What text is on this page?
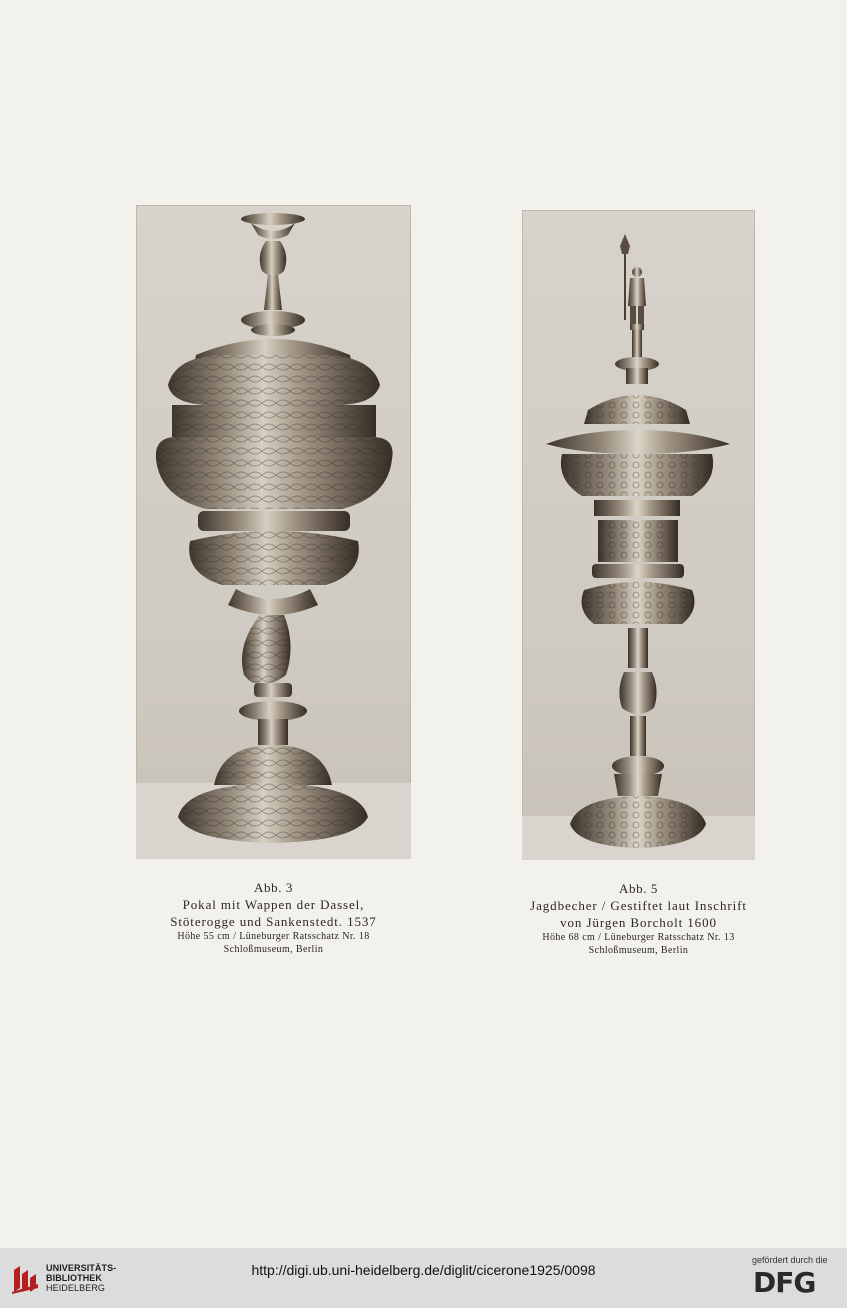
Abb. 3
Pokal mit Wappen der Dassel,
Stöterogge und Sankenstedt. 1537
Höhe 55 cm / Lüneburger Ratsschatz Nr. 18
Schloßmuseum, Berlin
Abb. 5
Jagdbecher / Gestiftet laut Inschrift
von Jürgen Borcholt 1600
Höhe 68 cm / Lüneburger Ratsschatz Nr. 13
Schloßmuseum, Berlin
UNIVERSITÄTS-
BIBLIOTHEK
HEIDELBERG
http://digi.ub.uni-heidelberg.de/diglit/cicerone1925/0098
gefördert durch die
DFG
